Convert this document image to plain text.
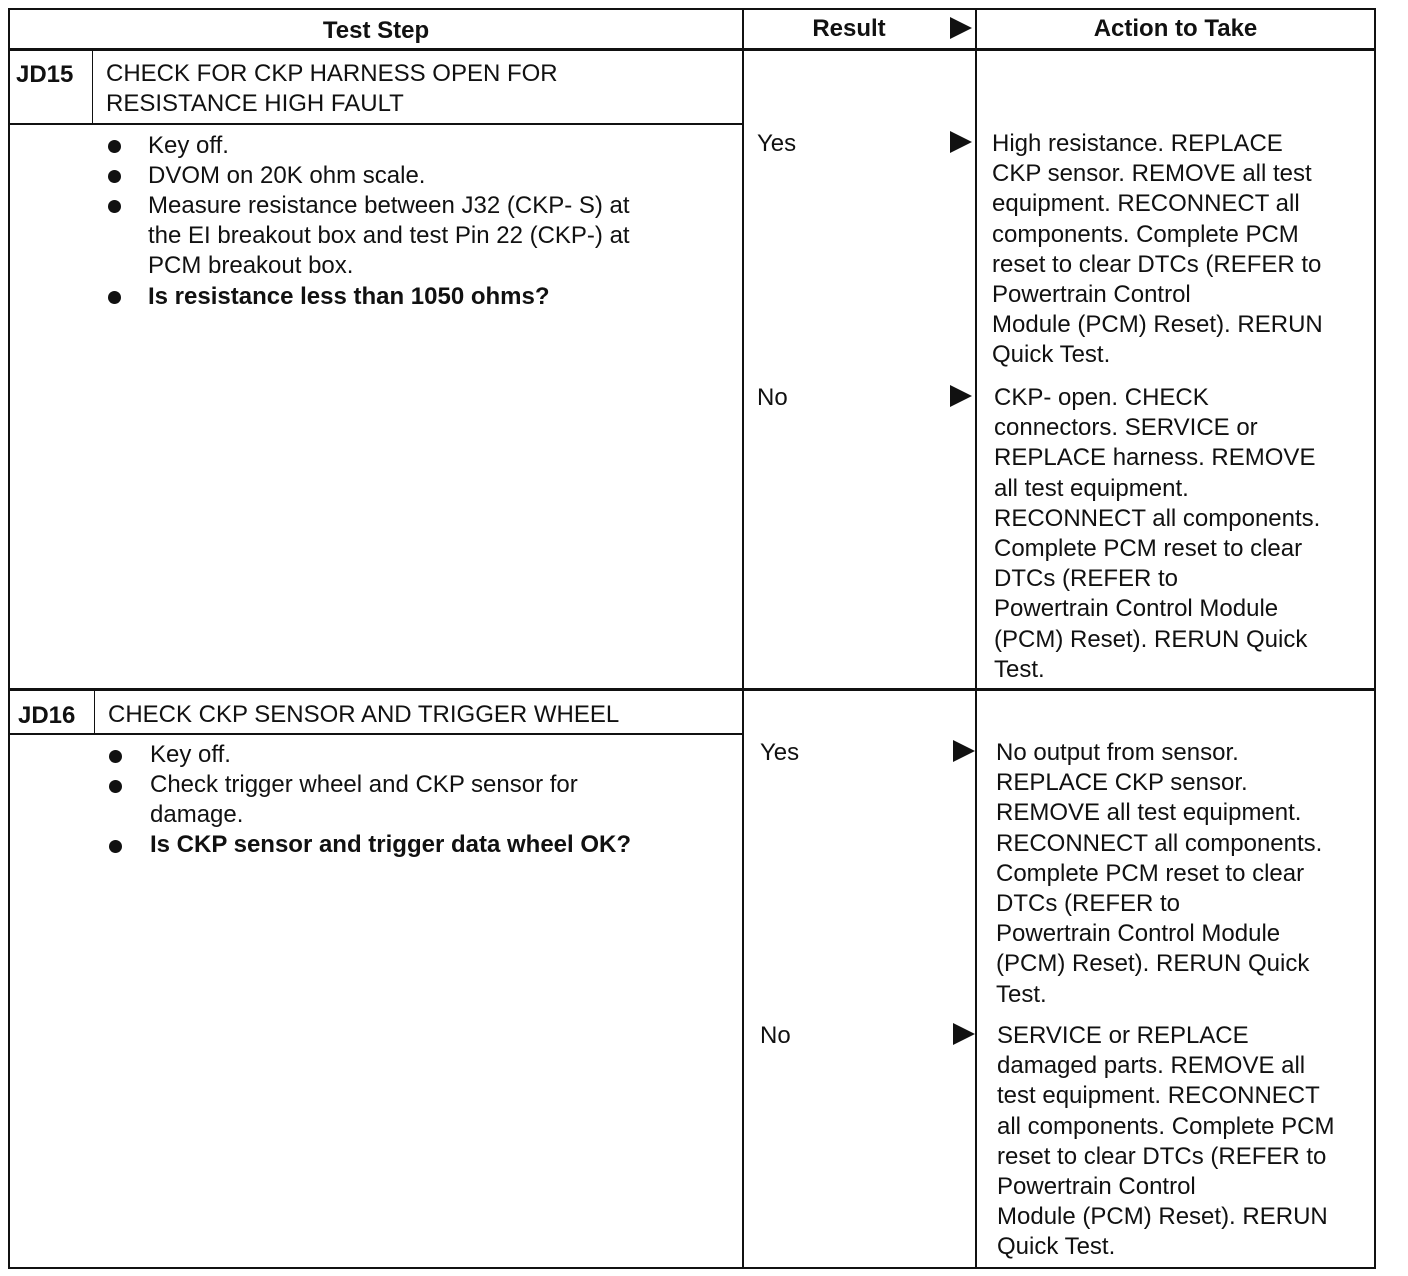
Test Step	Result	Action to Take
JD15 CHECK FOR CKP HARNESS OPEN FOR
RESISTANCE HIGH FAULT
Key off.
DVOM on 20K ohm scale.
Measure resistance between J32 (CKP- S) at
the EI breakout box and test Pin 22 (CKP-) at
PCM breakout box.
Is resistance less than 1050 ohms?
Yes	High resistance. REPLACE
CKP sensor. REMOVE all test
equipment. RECONNECT all
components. Complete PCM
reset to clear DTCs (REFER to
Powertrain Control
Module (PCM) Reset). RERUN
Quick Test.
No	CKP- open. CHECK
connectors. SERVICE or
REPLACE harness. REMOVE
all test equipment.
RECONNECT all components.
Complete PCM reset to clear
DTCs (REFER to
Powertrain Control Module
(PCM) Reset). RERUN Quick
Test.
JD16 CHECK CKP SENSOR AND TRIGGER WHEEL
Key off.
Check trigger wheel and CKP sensor for
damage.
Is CKP sensor and trigger data wheel OK?
Yes	No output from sensor.
REPLACE CKP sensor.
REMOVE all test equipment.
RECONNECT all components.
Complete PCM reset to clear
DTCs (REFER to
Powertrain Control Module
(PCM) Reset). RERUN Quick
Test.
No	SERVICE or REPLACE
damaged parts. REMOVE all
test equipment. RECONNECT
all components. Complete PCM
reset to clear DTCs (REFER to
Powertrain Control
Module (PCM) Reset). RERUN
Quick Test.
